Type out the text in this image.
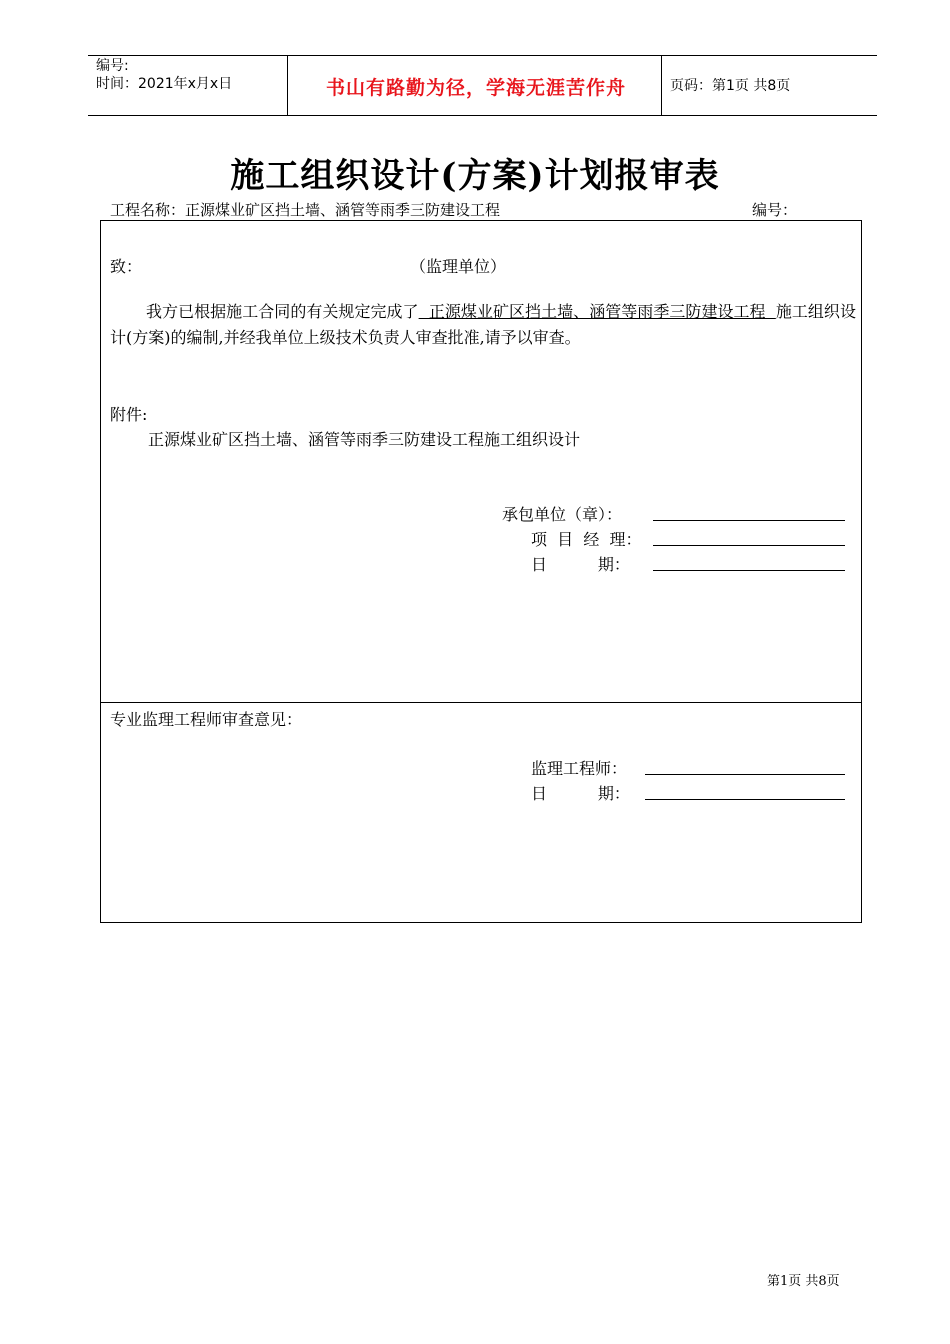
编号:
时间：2021年x月x日	书山有路勤为径，学海无涯苦作舟	页码：第1页 共8页
施工组织设计(方案)计划报审表
工程名称：正源煤业矿区挡土墙、涵管等雨季三防建设工程	编号：
致：	（监理单位）
我方已根据施工合同的有关规定完成了  正源煤业矿区挡土墙、涵管等雨季三防建设工程  施工组织设计(方案)的编制,并经我单位上级技术负责人审查批准,请予以审查。
附件:
正源煤业矿区挡土墙、涵管等雨季三防建设工程施工组织设计
承包单位（章）：
项  目  经  理：
日          期：
专业监理工程师审查意见：
监理工程师：
日          期：
第1页 共8页
